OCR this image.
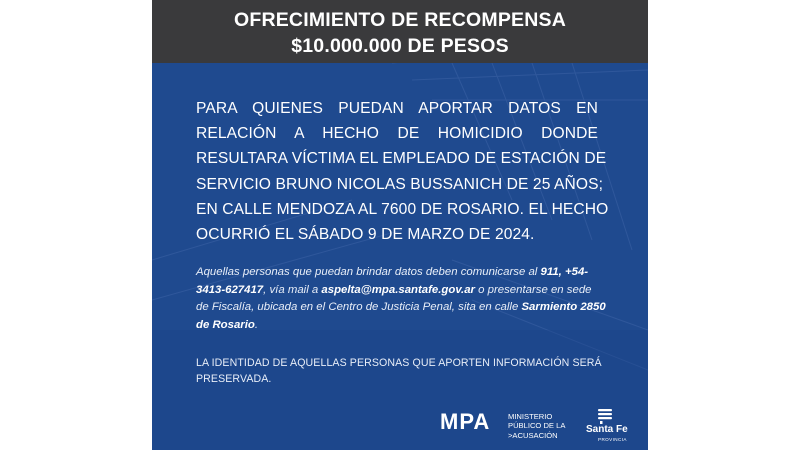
OFRECIMIENTO DE RECOMPENSA
$10.000.000 DE PESOS
PARA QUIENES PUEDAN APORTAR DATOS EN
RELACIÓN A HECHO DE HOMICIDIO DONDE
RESULTARA VÍCTIMA EL EMPLEADO DE ESTACIÓN DE
SERVICIO BRUNO NICOLAS BUSSANICH DE 25 AÑOS;
EN CALLE MENDOZA AL 7600 DE ROSARIO. EL HECHO
OCURRIÓ EL SÁBADO 9 DE MARZO DE 2024.
Aquellas personas que puedan brindar datos deben comunicarse al 911, +54-3413-627417, vía mail a aspelta@mpa.santafe.gov.ar o presentarse en sede de Fiscalía, ubicada en el Centro de Justicia Penal, sita en calle Sarmiento 2850 de Rosario.
LA IDENTIDAD DE AQUELLAS PERSONAS QUE APORTEN INFORMACIÓN SERÁ PRESERVADA.
MPA MINISTERIO
PÚBLICO DE LA
>ACUSACIÓN
Santa Fe
PROVINCIA
